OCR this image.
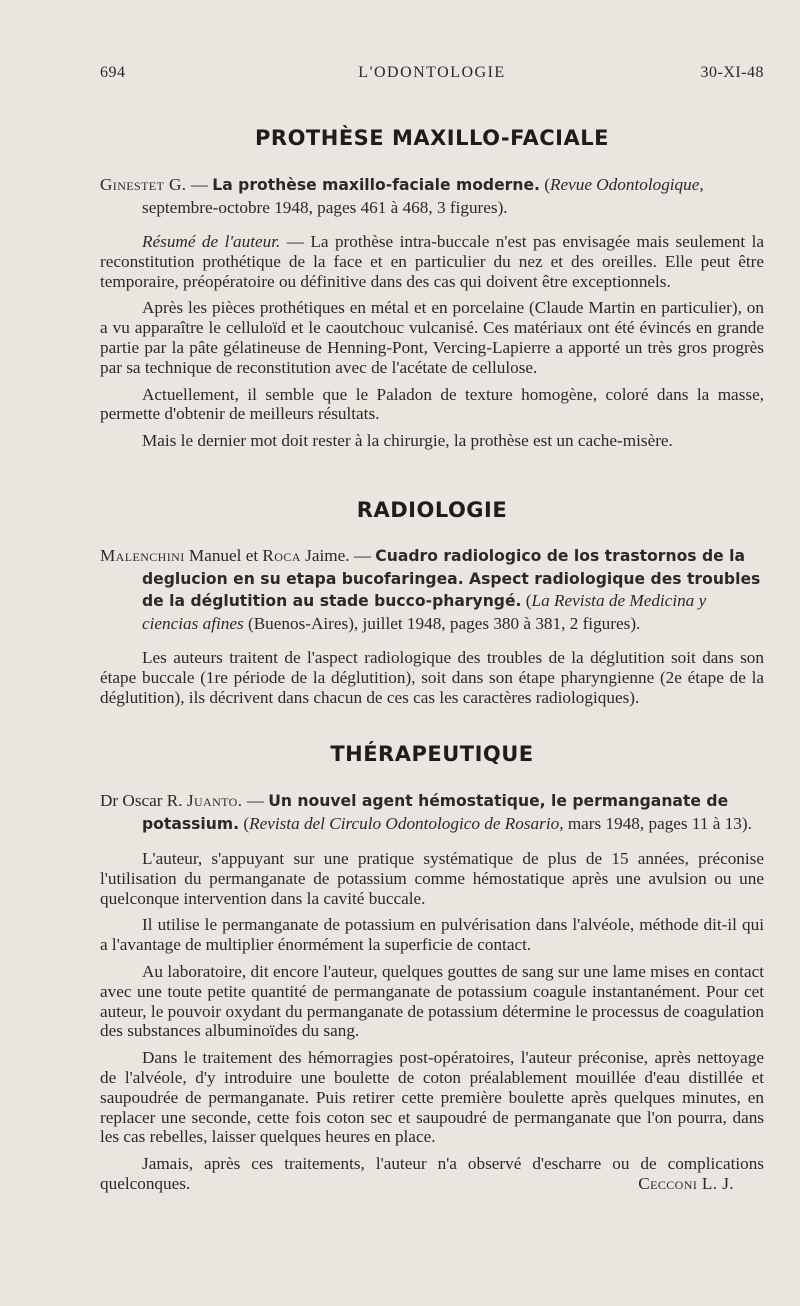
694	L'ODONTOLOGIE	30-XI-48
PROTHÈSE MAXILLO-FACIALE
Ginestet G. — La prothèse maxillo-faciale moderne. (Revue Odontologique, septembre-octobre 1948, pages 461 à 468, 3 figures).

Résumé de l'auteur. — La prothèse intra-buccale n'est pas envisagée mais seulement la reconstitution prothétique de la face et en particulier du nez et des oreilles. Elle peut être temporaire, préopératoire ou définitive dans des cas qui doivent être exceptionnels.

Après les pièces prothétiques en métal et en porcelaine (Claude Martin en particulier), on a vu apparaître le celluloïd et le caoutchouc vulcanisé. Ces matériaux ont été évincés en grande partie par la pâte gélatineuse de Henning-Pont, Vercing-Lapierre a apporté un très gros progrès par sa technique de reconstitution avec de l'acétate de cellulose.

Actuellement, il semble que le Paladon de texture homogène, coloré dans la masse, permette d'obtenir de meilleurs résultats.

Mais le dernier mot doit rester à la chirurgie, la prothèse est un cache-misère.

RADIOLOGIE
Malenchini Manuel et Roca Jaime. — Cuadro radiologico de los trastornos de la deglucion en su etapa bucofaringea. Aspect radiologique des troubles de la déglutition au stade bucco-pharyngé. (La Revista de Medicina y ciencias afines (Buenos-Aires), juillet 1948, pages 380 à 381, 2 figures).

Les auteurs traitent de l'aspect radiologique des troubles de la déglutition soit dans son étape buccale (1re période de la déglutition), soit dans son étape pharyngienne (2e étape de la déglutition), ils décrivent dans chacun de ces cas les caractères radiologiques).

THÉRAPEUTIQUE
Dr Oscar R. Juanto. — Un nouvel agent hémostatique, le permanganate de potassium. (Revista del Circulo Odontologico de Rosario, mars 1948, pages 11 à 13).

L'auteur, s'appuyant sur une pratique systématique de plus de 15 années, préconise l'utilisation du permanganate de potassium comme hémostatique après une avulsion ou une quelconque intervention dans la cavité buccale.

Il utilise le permanganate de potassium en pulvérisation dans l'alvéole, méthode dit-il qui a l'avantage de multiplier énormément la superficie de contact.

Au laboratoire, dit encore l'auteur, quelques gouttes de sang sur une lame mises en contact avec une toute petite quantité de permanganate de potassium coagule instantanément. Pour cet auteur, le pouvoir oxydant du permanganate de potassium détermine le processus de coagulation des substances albuminoïdes du sang.

Dans le traitement des hémorragies post-opératoires, l'auteur préconise, après nettoyage de l'alvéole, d'y introduire une boulette de coton préalablement mouillée d'eau distillée et saupoudrée de permanganate. Puis retirer cette première boulette après quelques minutes, en replacer une seconde, cette fois coton sec et saupoudré de permanganate que l'on pourra, dans les cas rebelles, laisser quelques heures en place.

Jamais, après ces traitements, l'auteur n'a observé d'escharre ou de complications quelconques.	Cecconi L. J.
